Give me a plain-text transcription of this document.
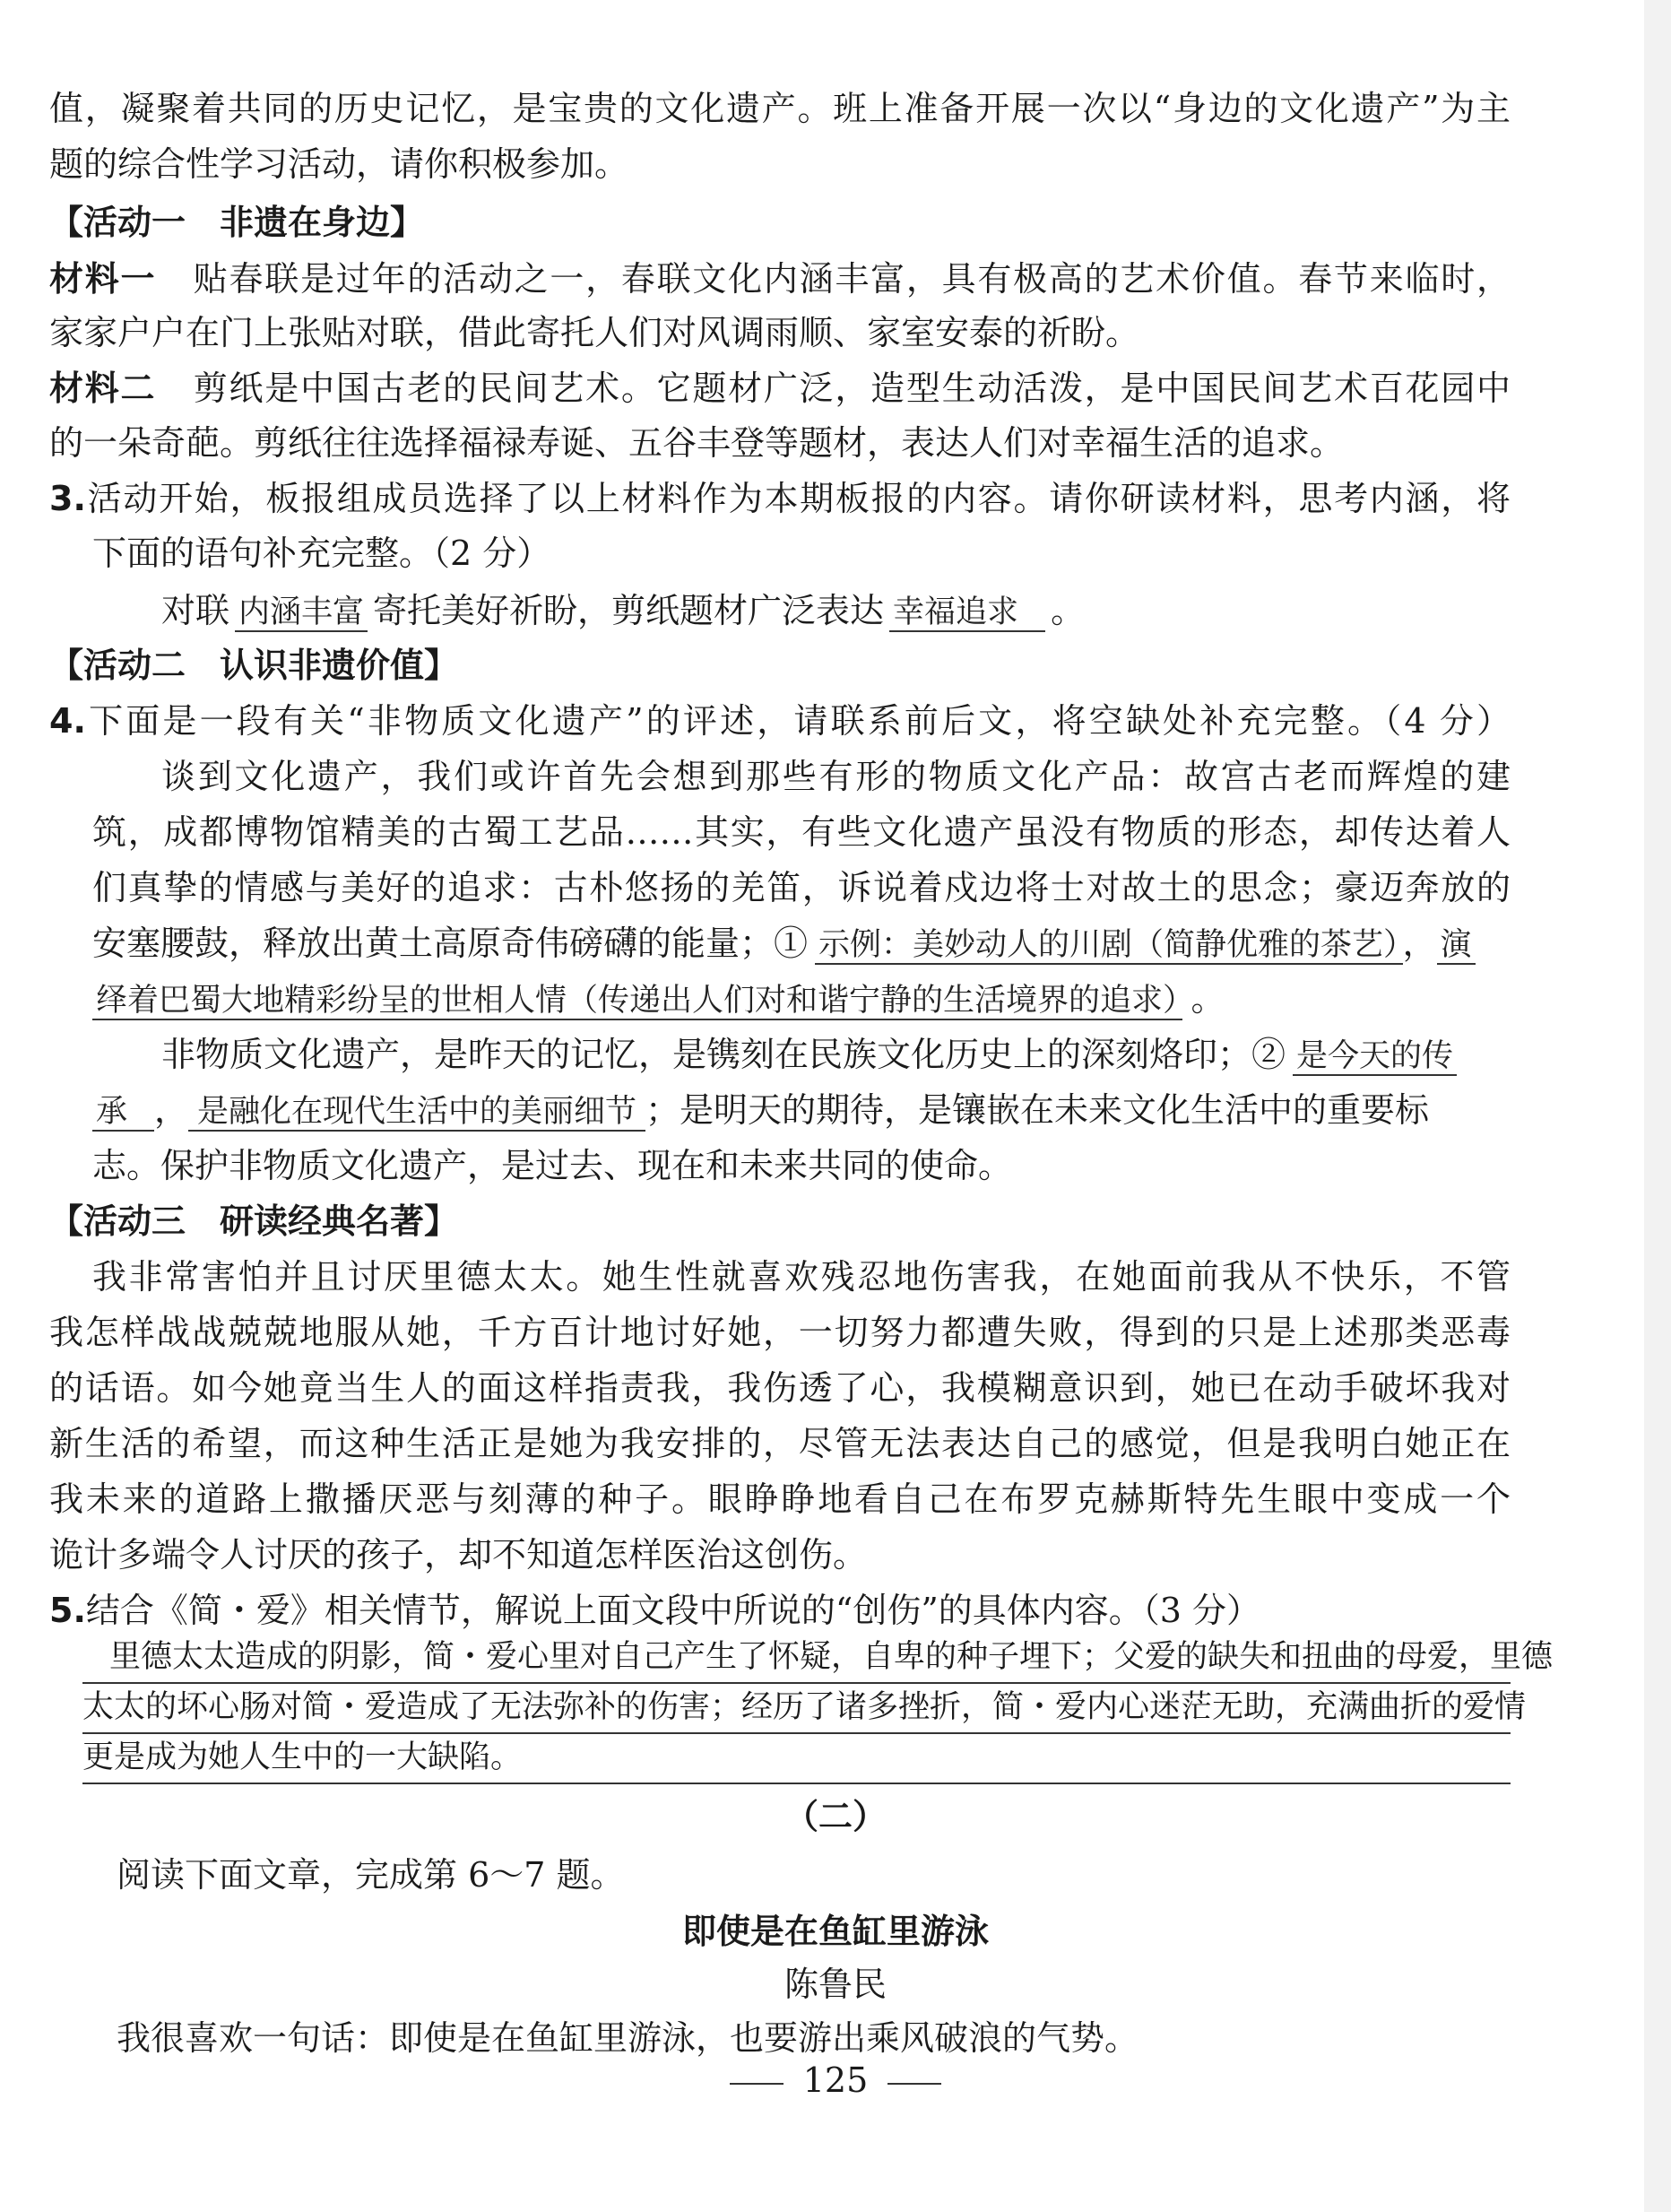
值，凝聚着共同的历史记忆，是宝贵的文化遗产。班上准备开展一次以“身边的文化遗产”为主
题的综合性学习活动，请你积极参加。
【活动一　非遗在身边】
材料一 贴春联是过年的活动之一，春联文化内涵丰富，具有极高的艺术价值。春节来临时，
家家户户在门上张贴对联，借此寄托人们对风调雨顺、家室安泰的祈盼。
材料二 剪纸是中国古老的民间艺术。它题材广泛，造型生动活泼，是中国民间艺术百花园中
的一朵奇葩。剪纸往往选择福禄寿诞、五谷丰登等题材，表达人们对幸福生活的追求。
3.活动开始，板报组成员选择了以上材料作为本期板报的内容。请你研读材料，思考内涵，将
下面的语句补充完整。（2 分）
对联 内涵丰富 寄托美好祈盼，剪纸题材广泛表达 幸福追求 。
【活动二　认识非遗价值】
4.下面是一段有关“非物质文化遗产”的评述，请联系前后文，将空缺处补充完整。（4 分）
谈到文化遗产，我们或许首先会想到那些有形的物质文化产品：故宫古老而辉煌的建
筑，成都博物馆精美的古蜀工艺品……其实，有些文化遗产虽没有物质的形态，却传达着人
们真挚的情感与美好的追求：古朴悠扬的羌笛，诉说着戍边将士对故土的思念；豪迈奔放的
安塞腰鼓，释放出黄土高原奇伟磅礴的能量；① 示例：美妙动人的川剧（简静优雅的茶艺） ， 演
绎着巴蜀大地精彩纷呈的世相人情（传递出人们对和谐宁静的生活境界的追求） 。
非物质文化遗产，是昨天的记忆，是镌刻在民族文化历史上的深刻烙印；② 是今天的传
承 ， 是融化在现代生活中的美丽细节 ；是明天的期待，是镶嵌在未来文化生活中的重要标
志。保护非物质文化遗产，是过去、现在和未来共同的使命。
【活动三　研读经典名著】
我非常害怕并且讨厌里德太太。她生性就喜欢残忍地伤害我，在她面前我从不快乐，不管
我怎样战战兢兢地服从她，千方百计地讨好她，一切努力都遭失败，得到的只是上述那类恶毒
的话语。如今她竟当生人的面这样指责我，我伤透了心，我模糊意识到，她已在动手破坏我对
新生活的希望，而这种生活正是她为我安排的，尽管无法表达自己的感觉，但是我明白她正在
我未来的道路上撒播厌恶与刻薄的种子。眼睁睁地看自己在布罗克赫斯特先生眼中变成一个
诡计多端令人讨厌的孩子，却不知道怎样医治这创伤。
5.结合《简・爱》相关情节，解说上面文段中所说的“创伤”的具体内容。（3 分）
里德太太造成的阴影，简・爱心里对自己产生了怀疑，自卑的种子埋下；父爱的缺失和扭曲的母爱，里德
太太的坏心肠对简・爱造成了无法弥补的伤害；经历了诸多挫折，简・爱内心迷茫无助，充满曲折的爱情
更是成为她人生中的一大缺陷。
（二）
阅读下面文章，完成第 6～7 题。
即使是在鱼缸里游泳
陈鲁民
我很喜欢一句话：即使是在鱼缸里游泳，也要游出乘风破浪的气势。
125
